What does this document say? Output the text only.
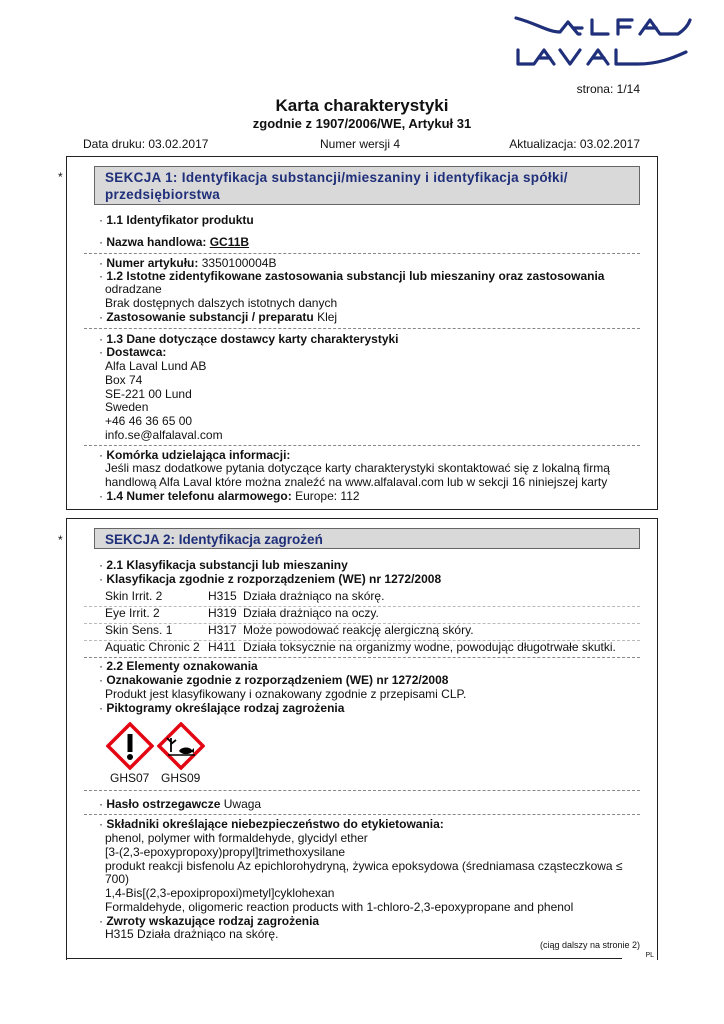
strona: 1/14
Karta charakterystyki
zgodnie z 1907/2006/WE, Artykuł 31
Data druku: 03.02.2017	Numer wersji 4	Aktualizacja: 03.02.2017
*	SEKCJA 1: Identyfikacja substancji/mieszaniny i identyfikacja spółki/
przedsiębiorstwa
· 1.1 Identyfikator produktu
· Nazwa handlowa: GC11B
· Numer artykułu: 3350100004B
· 1.2 Istotne zidentyfikowane zastosowania substancji lub mieszaniny oraz zastosowania
odradzane
Brak dostępnych dalszych istotnych danych
· Zastosowanie substancji / preparatu Klej
· 1.3 Dane dotyczące dostawcy karty charakterystyki
· Dostawca:
Alfa Laval Lund AB
Box 74
SE-221 00 Lund
Sweden
+46 46 36 65 00
info.se@alfalaval.com
· Komórka udzielająca informacji:
Jeśli masz dodatkowe pytania dotyczące karty charakterystyki skontaktować się z lokalną firmą
handlową Alfa Laval które można znaleźć na www.alfalaval.com lub w sekcji 16 niniejszej karty
· 1.4 Numer telefonu alarmowego: Europe: 112
*	SEKCJA 2: Identyfikacja zagrożeń
· 2.1 Klasyfikacja substancji lub mieszaniny
· Klasyfikacja zgodnie z rozporządzeniem (WE) nr 1272/2008
Skin Irrit. 2	H315 Działa drażniąco na skórę.
Eye Irrit. 2	H319 Działa drażniąco na oczy.
Skin Sens. 1	H317 Może powodować reakcję alergiczną skóry.
Aquatic Chronic 2 H411 Działa toksycznie na organizmy wodne, powodując długotrwałe skutki.
· 2.2 Elementy oznakowania
· Oznakowanie zgodnie z rozporządzeniem (WE) nr 1272/2008
Produkt jest klasyfikowany i oznakowany zgodnie z przepisami CLP.
· Piktogramy określające rodzaj zagrożenia
GHS07 GHS09
· Hasło ostrzegawcze Uwaga
· Składniki określające niebezpieczeństwo do etykietowania:
phenol, polymer with formaldehyde, glycidyl ether
[3-(2,3-epoxypropoxy)propyl]trimethoxysilane
produkt reakcji bisfenolu Az epichlorohydryną, żywica epoksydowa (średniamasa cząsteczkowa ≤
700)
1,4-Bis[(2,3-epoxipropoxi)metyl]cyklohexan
Formaldehyde, oligomeric reaction products with 1-chloro-2,3-epoxypropane and phenol
· Zwroty wskazujące rodzaj zagrożenia
H315 Działa drażniąco na skórę.
(ciąg dalszy na stronie 2)
PL
